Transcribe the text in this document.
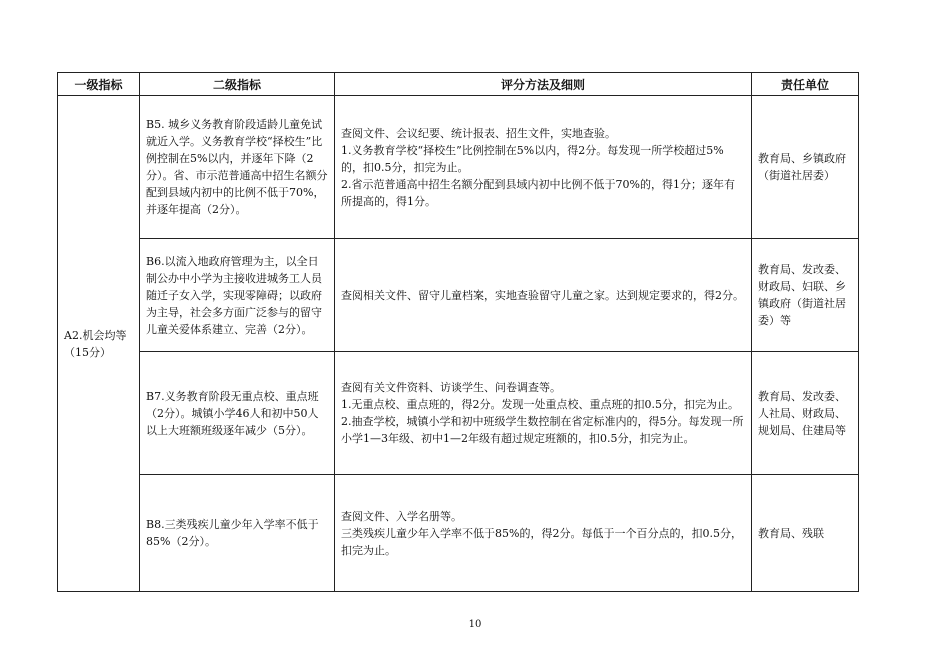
一级指标	二级指标	评分方法及细则	责任单位
A2.机会均等（15分）	B5. 城乡义务教育阶段适龄儿童免试就近入学。义务教育学校“择校生”比例控制在5%以内，并逐年下降（2分）。省、市示范普通高中招生名额分配到县域内初中的比例不低于70%，并逐年提高（2分）。	查阅文件、会议纪要、统计报表、招生文件，实地查验。
1.义务教育学校“择校生”比例控制在5%以内，得2分。每发现一所学校超过5%的，扣0.5分，扣完为止。
2.省示范普通高中招生名额分配到县域内初中比例不低于70%的，得1分；逐年有所提高的，得1分。	教育局、乡镇政府（街道社居委）
	B6.以流入地政府管理为主，以全日制公办中小学为主接收进城务工人员随迁子女入学，实现零障碍；以政府为主导，社会多方面广泛参与的留守儿童关爱体系建立、完善（2分）。	查阅相关文件、留守儿童档案，实地查验留守儿童之家。达到规定要求的，得2分。	教育局、发改委、财政局、妇联、乡镇政府（街道社居委）等
	B7.义务教育阶段无重点校、重点班（2分）。城镇小学46人和初中50人以上大班额班级逐年减少（5分）。	查阅有关文件资料、访谈学生、问卷调查等。
1.无重点校、重点班的，得2分。发现一处重点校、重点班的扣0.5分，扣完为止。
2.抽查学校，城镇小学和初中班级学生数控制在省定标准内的，得5分。每发现一所小学1—3年级、初中1—2年级有超过规定班额的，扣0.5分，扣完为止。	教育局、发改委、人社局、财政局、规划局、住建局等
	B8.三类残疾儿童少年入学率不低于85%（2分）。	查阅文件、入学名册等。
三类残疾儿童少年入学率不低于85%的，得2分。每低于一个百分点的，扣0.5分，扣完为止。	教育局、残联
10
